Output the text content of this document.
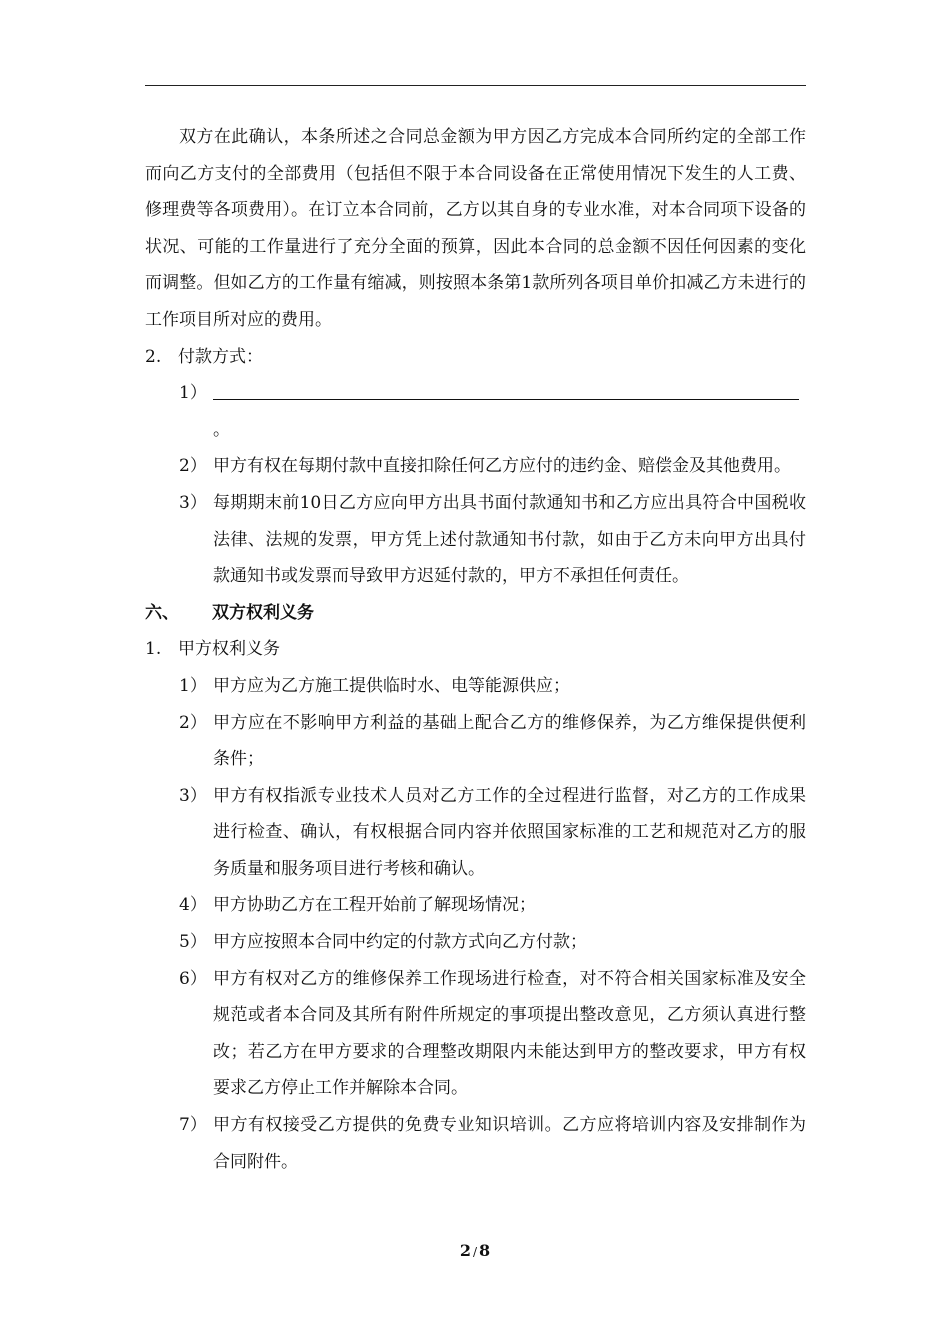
双方在此确认，本条所述之合同总金额为甲方因乙方完成本合同所约定的全部工作而向乙方支付的全部费用（包括但不限于本合同设备在正常使用情况下发生的人工费、修理费等各项费用）。在订立本合同前，乙方以其自身的专业水准，对本合同项下设备的状况、可能的工作量进行了充分全面的预算，因此本合同的总金额不因任何因素的变化而调整。但如乙方的工作量有缩减，则按照本条第1款所列各项目单价扣减乙方未进行的工作项目所对应的费用。

2. 付款方式：
1）
。
2） 甲方有权在每期付款中直接扣除任何乙方应付的违约金、赔偿金及其他费用。
3） 每期期末前10日乙方应向甲方出具书面付款通知书和乙方应出具符合中国税收法律、法规的发票，甲方凭上述付款通知书付款，如由于乙方未向甲方出具付款通知书或发票而导致甲方迟延付款的，甲方不承担任何责任。
六、	双方权利义务
1. 甲方权利义务
1） 甲方应为乙方施工提供临时水、电等能源供应；
2） 甲方应在不影响甲方利益的基础上配合乙方的维修保养，为乙方维保提供便利条件；
3） 甲方有权指派专业技术人员对乙方工作的全过程进行监督，对乙方的工作成果进行检查、确认，有权根据合同内容并依照国家标准的工艺和规范对乙方的服务质量和服务项目进行考核和确认。
4） 甲方协助乙方在工程开始前了解现场情况；
5） 甲方应按照本合同中约定的付款方式向乙方付款；
6） 甲方有权对乙方的维修保养工作现场进行检查，对不符合相关国家标准及安全规范或者本合同及其所有附件所规定的事项提出整改意见，乙方须认真进行整改；若乙方在甲方要求的合理整改期限内未能达到甲方的整改要求，甲方有权要求乙方停止工作并解除本合同。
7） 甲方有权接受乙方提供的免费专业知识培训。乙方应将培训内容及安排制作为合同附件。
2 / 8
